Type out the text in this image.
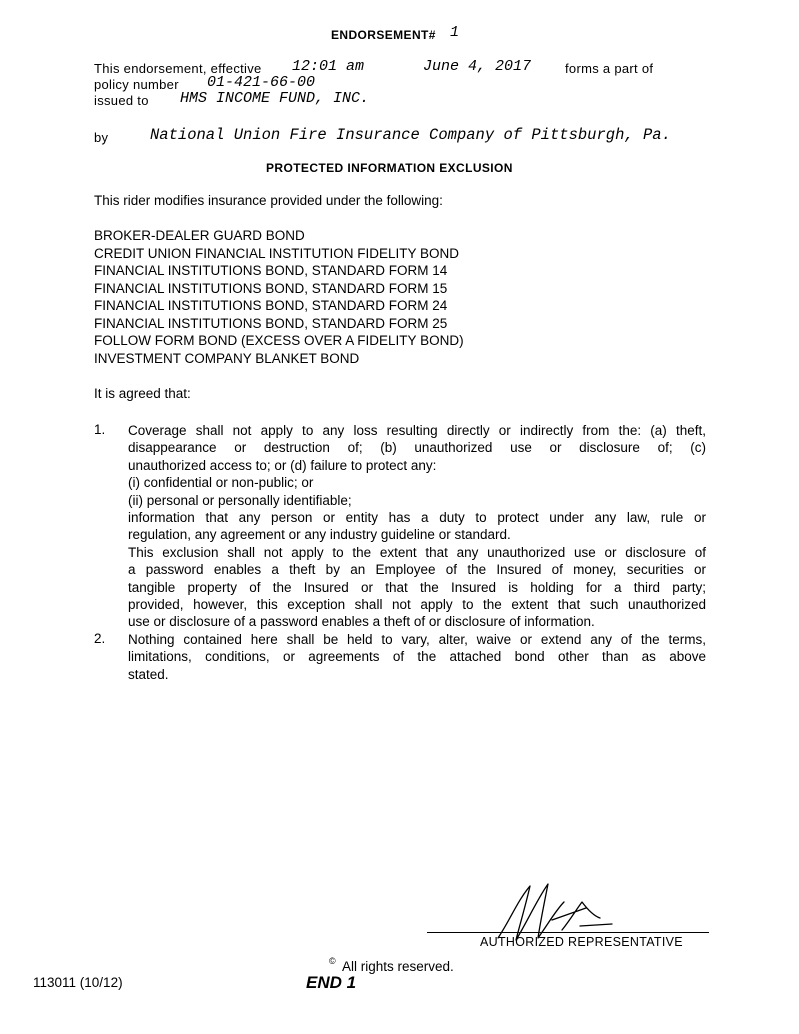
ENDORSEMENT# 1
This endorsement, effective 12:01 am	June 4, 2017	forms a part of
policy number 01-421-66-00
issued to HMS INCOME FUND, INC.
by	National Union Fire Insurance Company of Pittsburgh, Pa.
PROTECTED INFORMATION EXCLUSION
This rider modifies insurance provided under the following:
BROKER-DEALER GUARD BOND
CREDIT UNION FINANCIAL INSTITUTION FIDELITY BOND
FINANCIAL INSTITUTIONS BOND, STANDARD FORM 14
FINANCIAL INSTITUTIONS BOND, STANDARD FORM 15
FINANCIAL INSTITUTIONS BOND, STANDARD FORM 24
FINANCIAL INSTITUTIONS BOND, STANDARD FORM 25
FOLLOW FORM BOND (EXCESS OVER A FIDELITY BOND)
INVESTMENT COMPANY BLANKET BOND
It is agreed that:
1. Coverage shall not apply to any loss resulting directly or indirectly from the: (a) theft,
disappearance or destruction of; (b) unauthorized use or disclosure of; (c)
unauthorized access to; or (d) failure to protect any:
(i) confidential or non-public; or
(ii) personal or personally identifiable;
information that any person or entity has a duty to protect under any law, rule or
regulation, any agreement or any industry guideline or standard.
This exclusion shall not apply to the extent that any unauthorized use or disclosure of
a password enables a theft by an Employee of the Insured of money, securities or
tangible property of the Insured or that the Insured is holding for a third party;
provided, however, this exception shall not apply to the extent that such unauthorized
use or disclosure of a password enables a theft of or disclosure of information.
2. Nothing contained here shall be held to vary, alter, waive or extend any of the terms,
limitations, conditions, or agreements of the attached bond other than as above
stated.
AUTHORIZED REPRESENTATIVE
© All rights reserved.
113011 (10/12)	END 1
